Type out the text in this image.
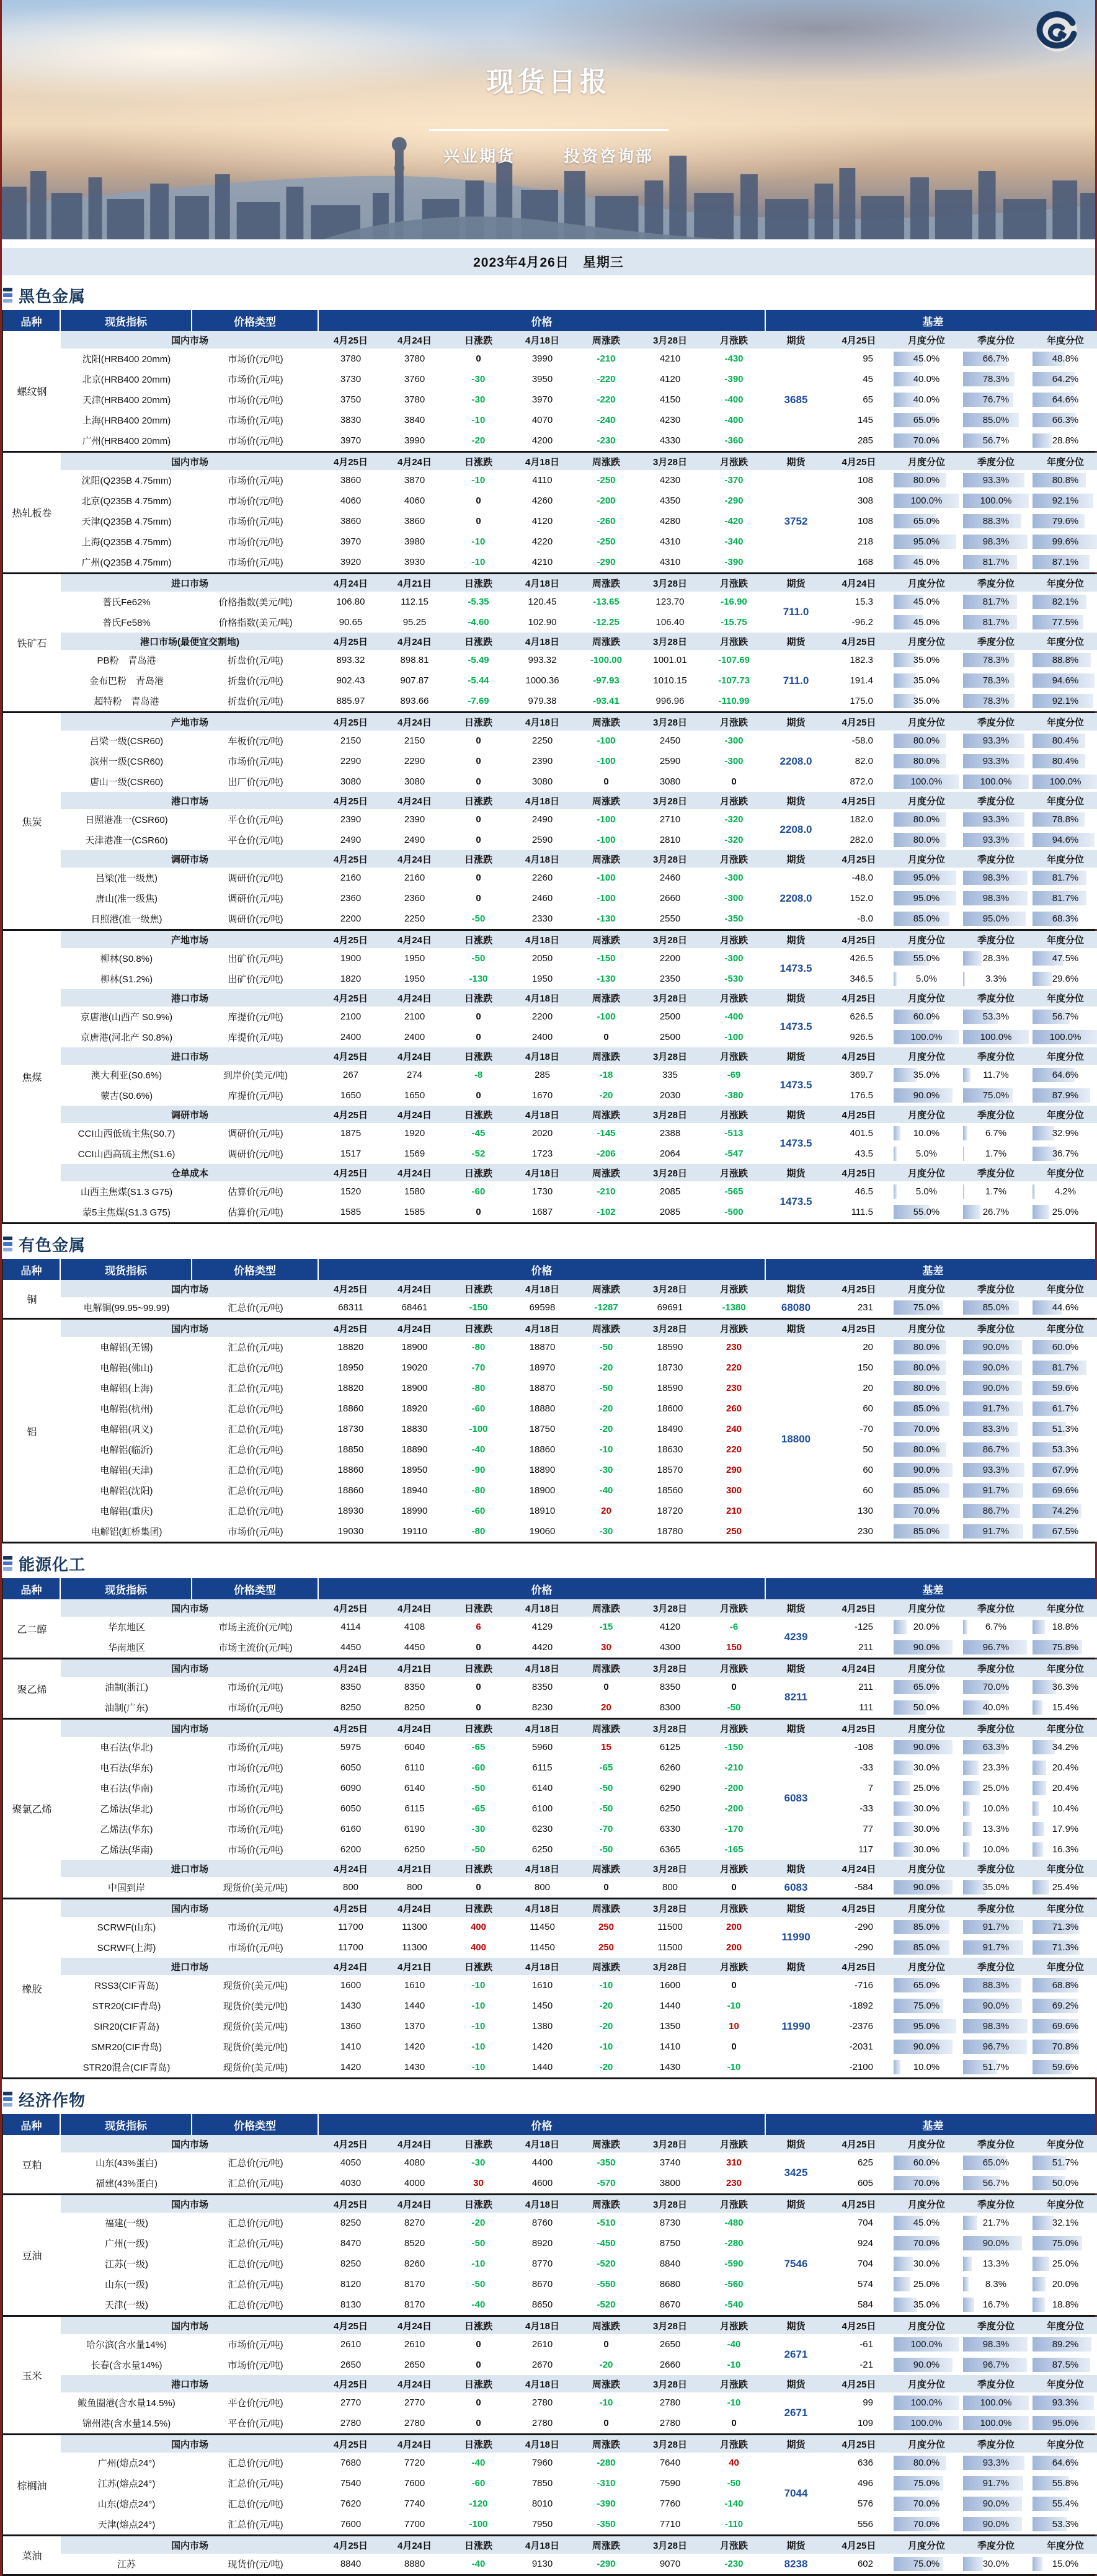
现货日报
兴业期货	投资咨询部
2023年4月26日　星期三
黑色金属
品种	现货指标	价格类型	价格	基差
螺纹钢
国内市场	4月25日	4月24日	日涨跌	4月18日	周涨跌	3月28日	月涨跌	期货	4月25日	月度分位	季度分位	年度分位
3685
沈阳(HRB400 20mm)	市场价(元/吨)	3780	3780	0	3990	-210	4210	-430	95	45.0%	66.7%	48.8%
北京(HRB400 20mm)	市场价(元/吨)	3730	3760	-30	3950	-220	4120	-390	45	40.0%	78.3%	64.2%
天津(HRB400 20mm)	市场价(元/吨)	3750	3780	-30	3970	-220	4150	-400	65	40.0%	76.7%	64.6%
上海(HRB400 20mm)	市场价(元/吨)	3830	3840	-10	4070	-240	4230	-400	145	65.0%	85.0%	66.3%
广州(HRB400 20mm)	市场价(元/吨)	3970	3990	-20	4200	-230	4330	-360	285	70.0%	56.7%	28.8%
热轧板卷
国内市场	4月25日	4月24日	日涨跌	4月18日	周涨跌	3月28日	月涨跌	期货	4月25日	月度分位	季度分位	年度分位
3752
沈阳(Q235B 4.75mm)	市场价(元/吨)	3860	3870	-10	4110	-250	4230	-370	108	80.0%	93.3%	80.8%
北京(Q235B 4.75mm)	市场价(元/吨)	4060	4060	0	4260	-200	4350	-290	308	100.0%	100.0%	92.1%
天津(Q235B 4.75mm)	市场价(元/吨)	3860	3860	0	4120	-260	4280	-420	108	65.0%	88.3%	79.6%
上海(Q235B 4.75mm)	市场价(元/吨)	3970	3980	-10	4220	-250	4310	-340	218	95.0%	98.3%	99.6%
广州(Q235B 4.75mm)	市场价(元/吨)	3920	3930	-10	4210	-290	4310	-390	168	45.0%	81.7%	87.1%
铁矿石
进口市场	4月24日	4月21日	日涨跌	4月18日	周涨跌	3月28日	月涨跌	期货	4月24日	月度分位	季度分位	年度分位
711.0
普氏Fe62%	价格指数(美元/吨)	106.80	112.15	-5.35	120.45	-13.65	123.70	-16.90	15.3	45.0%	81.7%	82.1%
普氏Fe58%	价格指数(美元/吨)	90.65	95.25	-4.60	102.90	-12.25	106.40	-15.75	-96.2	45.0%	81.7%	77.5%
港口市场(最便宜交割地)	4月25日	4月24日	日涨跌	4月18日	周涨跌	3月28日	月涨跌	期货	4月25日	月度分位	季度分位	年度分位
711.0
PB粉　青岛港	折盘价(元/吨)	893.32	898.81	-5.49	993.32	-100.00	1001.01	-107.69	182.3	35.0%	78.3%	88.8%
金布巴粉　青岛港	折盘价(元/吨)	902.43	907.87	-5.44	1000.36	-97.93	1010.15	-107.73	191.4	35.0%	78.3%	94.6%
超特粉　青岛港	折盘价(元/吨)	885.97	893.66	-7.69	979.38	-93.41	996.96	-110.99	175.0	35.0%	78.3%	92.1%
焦炭
产地市场	4月25日	4月24日	日涨跌	4月18日	周涨跌	3月28日	月涨跌	期货	4月25日	月度分位	季度分位	年度分位
2208.0
吕梁一级(CSR60)	车板价(元/吨)	2150	2150	0	2250	-100	2450	-300	-58.0	80.0%	93.3%	80.4%
滨州一级(CSR60)	市场价(元/吨)	2290	2290	0	2390	-100	2590	-300	82.0	80.0%	93.3%	80.4%
唐山一级(CSR60)	出厂价(元/吨)	3080	3080	0	3080	0	3080	0	872.0	100.0%	100.0%	100.0%
港口市场	4月25日	4月24日	日涨跌	4月18日	周涨跌	3月28日	月涨跌	期货	4月25日	月度分位	季度分位	年度分位
2208.0
日照港准一(CSR60)	平仓价(元/吨)	2390	2390	0	2490	-100	2710	-320	182.0	80.0%	93.3%	78.8%
天津港准一(CSR60)	平仓价(元/吨)	2490	2490	0	2590	-100	2810	-320	282.0	80.0%	93.3%	94.6%
调研市场	4月25日	4月24日	日涨跌	4月18日	周涨跌	3月28日	月涨跌	期货	4月25日	月度分位	季度分位	年度分位
2208.0
吕梁(准一级焦)	调研价(元/吨)	2160	2160	0	2260	-100	2460	-300	-48.0	95.0%	98.3%	81.7%
唐山(准一级焦)	调研价(元/吨)	2360	2360	0	2460	-100	2660	-300	152.0	95.0%	98.3%	81.7%
日照港(准一级焦)	调研价(元/吨)	2200	2250	-50	2330	-130	2550	-350	-8.0	85.0%	95.0%	68.3%
焦煤
产地市场	4月25日	4月24日	日涨跌	4月18日	周涨跌	3月28日	月涨跌	期货	4月25日	月度分位	季度分位	年度分位
1473.5
柳林(S0.8%)	出矿价(元/吨)	1900	1950	-50	2050	-150	2200	-300	426.5	55.0%	28.3%	47.5%
柳林(S1.2%)	出矿价(元/吨)	1820	1950	-130	1950	-130	2350	-530	346.5	5.0%	3.3%	29.6%
港口市场	4月25日	4月24日	日涨跌	4月18日	周涨跌	3月28日	月涨跌	期货	4月25日	月度分位	季度分位	年度分位
1473.5
京唐港(山西产 S0.9%)	库提价(元/吨)	2100	2100	0	2200	-100	2500	-400	626.5	60.0%	53.3%	56.7%
京唐港(河北产 S0.8%)	库提价(元/吨)	2400	2400	0	2400	0	2500	-100	926.5	100.0%	100.0%	100.0%
进口市场	4月25日	4月24日	日涨跌	4月18日	周涨跌	3月28日	月涨跌	期货	4月25日	月度分位	季度分位	年度分位
1473.5
澳大利亚(S0.6%)	到岸价(美元/吨)	267	274	-8	285	-18	335	-69	369.7	35.0%	11.7%	64.6%
蒙古(S0.6%)	库提价(元/吨)	1650	1650	0	1670	-20	2030	-380	176.5	90.0%	75.0%	87.9%
调研市场	4月25日	4月24日	日涨跌	4月18日	周涨跌	3月28日	月涨跌	期货	4月25日	月度分位	季度分位	年度分位
1473.5
CCI山西低硫主焦(S0.7)	调研价(元/吨)	1875	1920	-45	2020	-145	2388	-513	401.5	10.0%	6.7%	32.9%
CCI山西高硫主焦(S1.6)	调研价(元/吨)	1517	1569	-52	1723	-206	2064	-547	43.5	5.0%	1.7%	36.7%
仓单成本	4月25日	4月24日	日涨跌	4月18日	周涨跌	3月28日	月涨跌	期货	4月25日	月度分位	季度分位	年度分位
1473.5
山西主焦煤(S1.3 G75)	估算价(元/吨)	1520	1580	-60	1730	-210	2085	-565	46.5	5.0%	1.7%	4.2%
蒙5主焦煤(S1.3 G75)	估算价(元/吨)	1585	1585	0	1687	-102	2085	-500	111.5	55.0%	26.7%	25.0%
有色金属
品种	现货指标	价格类型	价格	基差
铜
国内市场	4月25日	4月24日	日涨跌	4月18日	周涨跌	3月28日	月涨跌	期货	4月25日	月度分位	季度分位	年度分位
68080
电解铜(99.95~99.99)	汇总价(元/吨)	68311	68461	-150	69598	-1287	69691	-1380	231	75.0%	85.0%	44.6%
铝
国内市场	4月25日	4月24日	日涨跌	4月18日	周涨跌	3月28日	月涨跌	期货	4月25日	月度分位	季度分位	年度分位
18800
电解铝(无锡)	汇总价(元/吨)	18820	18900	-80	18870	-50	18590	230	20	80.0%	90.0%	60.0%
电解铝(佛山)	汇总价(元/吨)	18950	19020	-70	18970	-20	18730	220	150	80.0%	90.0%	81.7%
电解铝(上海)	汇总价(元/吨)	18820	18900	-80	18870	-50	18590	230	20	80.0%	90.0%	59.6%
电解铝(杭州)	汇总价(元/吨)	18860	18920	-60	18880	-20	18600	260	60	85.0%	91.7%	61.7%
电解铝(巩义)	汇总价(元/吨)	18730	18830	-100	18750	-20	18490	240	-70	70.0%	83.3%	51.3%
电解铝(临沂)	汇总价(元/吨)	18850	18890	-40	18860	-10	18630	220	50	80.0%	86.7%	53.3%
电解铝(天津)	汇总价(元/吨)	18860	18950	-90	18890	-30	18570	290	60	90.0%	93.3%	67.9%
电解铝(沈阳)	汇总价(元/吨)	18860	18940	-80	18900	-40	18560	300	60	85.0%	91.7%	69.6%
电解铝(重庆)	汇总价(元/吨)	18930	18990	-60	18910	20	18720	210	130	70.0%	86.7%	74.2%
电解铝(虹桥集团)	市场价(元/吨)	19030	19110	-80	19060	-30	18780	250	230	85.0%	91.7%	67.5%
能源化工
品种	现货指标	价格类型	价格	基差
乙二醇
国内市场	4月25日	4月24日	日涨跌	4月18日	周涨跌	3月28日	月涨跌	期货	4月25日	月度分位	季度分位	年度分位
4239
华东地区	市场主流价(元/吨)	4114	4108	6	4129	-15	4120	-6	-125	20.0%	6.7%	18.8%
华南地区	市场主流价(元/吨)	4450	4450	0	4420	30	4300	150	211	90.0%	96.7%	75.8%
聚乙烯
国内市场	4月24日	4月21日	日涨跌	4月18日	周涨跌	3月28日	月涨跌	期货	4月24日	月度分位	季度分位	年度分位
8211
油制(浙江)	市场价(元/吨)	8350	8350	0	8350	0	8350	0	211	65.0%	70.0%	36.3%
油制(广东)	市场价(元/吨)	8250	8250	0	8230	20	8300	-50	111	50.0%	40.0%	15.4%
聚氯乙烯
国内市场	4月25日	4月24日	日涨跌	4月18日	周涨跌	3月28日	月涨跌	期货	4月25日	月度分位	季度分位	年度分位
6083
电石法(华北)	市场价(元/吨)	5975	6040	-65	5960	15	6125	-150	-108	90.0%	63.3%	34.2%
电石法(华东)	市场价(元/吨)	6050	6110	-60	6115	-65	6260	-210	-33	30.0%	23.3%	20.4%
电石法(华南)	市场价(元/吨)	6090	6140	-50	6140	-50	6290	-200	7	25.0%	25.0%	20.4%
乙烯法(华北)	市场价(元/吨)	6050	6115	-65	6100	-50	6250	-200	-33	30.0%	10.0%	10.4%
乙烯法(华东)	市场价(元/吨)	6160	6190	-30	6230	-70	6330	-170	77	30.0%	13.3%	17.9%
乙烯法(华南)	市场价(元/吨)	6200	6250	-50	6250	-50	6365	-165	117	30.0%	10.0%	16.3%
进口市场	4月24日	4月21日	日涨跌	4月18日	周涨跌	3月28日	月涨跌	期货	4月24日	月度分位	季度分位	年度分位
6083
中国到岸	现货价(美元/吨)	800	800	0	800	0	800	0	-584	90.0%	35.0%	25.4%
橡胶
国内市场	4月25日	4月24日	日涨跌	4月18日	周涨跌	3月28日	月涨跌	期货	4月25日	月度分位	季度分位	年度分位
11990
SCRWF(山东)	市场价(元/吨)	11700	11300	400	11450	250	11500	200	-290	85.0%	91.7%	71.3%
SCRWF(上海)	市场价(元/吨)	11700	11300	400	11450	250	11500	200	-290	85.0%	91.7%	71.3%
进口市场	4月24日	4月21日	日涨跌	4月18日	周涨跌	3月28日	月涨跌	期货	4月25日	月度分位	季度分位	年度分位
11990
RSS3(CIF青岛)	现货价(美元/吨)	1600	1610	-10	1610	-10	1600	0	-716	65.0%	88.3%	68.8%
STR20(CIF青岛)	现货价(美元/吨)	1430	1440	-10	1450	-20	1440	-10	-1892	75.0%	90.0%	69.2%
SIR20(CIF青岛)	现货价(美元/吨)	1360	1370	-10	1380	-20	1350	10	-2376	95.0%	98.3%	69.6%
SMR20(CIF青岛)	现货价(美元/吨)	1410	1420	-10	1420	-10	1410	0	-2031	90.0%	96.7%	70.8%
STR20混合(CIF青岛)	现货价(美元/吨)	1420	1430	-10	1440	-20	1430	-10	-2100	10.0%	51.7%	59.6%
经济作物
品种	现货指标	价格类型	价格	基差
豆粕
国内市场	4月25日	4月24日	日涨跌	4月18日	周涨跌	3月28日	月涨跌	期货	4月25日	月度分位	季度分位	年度分位
3425
山东(43%蛋白)	汇总价(元/吨)	4050	4080	-30	4400	-350	3740	310	625	60.0%	65.0%	51.7%
福建(43%蛋白)	汇总价(元/吨)	4030	4000	30	4600	-570	3800	230	605	70.0%	56.7%	50.0%
豆油
国内市场	4月25日	4月24日	日涨跌	4月18日	周涨跌	3月28日	月涨跌	期货	4月25日	月度分位	季度分位	年度分位
7546
福建(一级)	汇总价(元/吨)	8250	8270	-20	8760	-510	8730	-480	704	45.0%	21.7%	32.1%
广州(一级)	汇总价(元/吨)	8470	8520	-50	8920	-450	8750	-280	924	70.0%	90.0%	75.0%
江苏(一级)	汇总价(元/吨)	8250	8260	-10	8770	-520	8840	-590	704	30.0%	13.3%	25.0%
山东(一级)	汇总价(元/吨)	8120	8170	-50	8670	-550	8680	-560	574	25.0%	8.3%	20.0%
天津(一级)	汇总价(元/吨)	8130	8170	-40	8650	-520	8670	-540	584	35.0%	16.7%	18.8%
玉米
国内市场	4月25日	4月24日	日涨跌	4月18日	周涨跌	3月28日	月涨跌	期货	4月25日	月度分位	季度分位	年度分位
2671
哈尔滨(含水量14%)	市场价(元/吨)	2610	2610	0	2610	0	2650	-40	-61	100.0%	98.3%	89.2%
长春(含水量14%)	市场价(元/吨)	2650	2650	0	2670	-20	2660	-10	-21	90.0%	96.7%	87.5%
港口市场	4月25日	4月24日	日涨跌	4月18日	周涨跌	3月28日	月涨跌	期货	4月25日	月度分位	季度分位	年度分位
2671
鲅鱼圈港(含水量14.5%)	平仓价(元/吨)	2770	2770	0	2780	-10	2780	-10	99	100.0%	100.0%	93.3%
锦州港(含水量14.5%)	平仓价(元/吨)	2780	2780	0	2780	0	2780	0	109	100.0%	100.0%	95.0%
棕榈油
国内市场	4月25日	4月24日	日涨跌	4月18日	周涨跌	3月28日	月涨跌	期货	4月25日	月度分位	季度分位	年度分位
7044
广州(熔点24°)	汇总价(元/吨)	7680	7720	-40	7960	-280	7640	40	636	80.0%	93.3%	64.6%
江苏(熔点24°)	汇总价(元/吨)	7540	7600	-60	7850	-310	7590	-50	496	75.0%	91.7%	55.8%
山东(熔点24°)	汇总价(元/吨)	7620	7740	-120	8010	-390	7760	-140	576	70.0%	90.0%	55.4%
天津(熔点24°)	汇总价(元/吨)	7600	7700	-100	7950	-350	7710	-110	556	70.0%	90.0%	53.3%
菜油
国内市场	4月25日	4月24日	日涨跌	4月18日	周涨跌	3月28日	月涨跌	期货	4月25日	月度分位	季度分位	年度分位
8238
江苏	现货价(元/吨)	8840	8880	-40	9130	-290	9070	-230	602	75.0%	30.0%	15.0%
